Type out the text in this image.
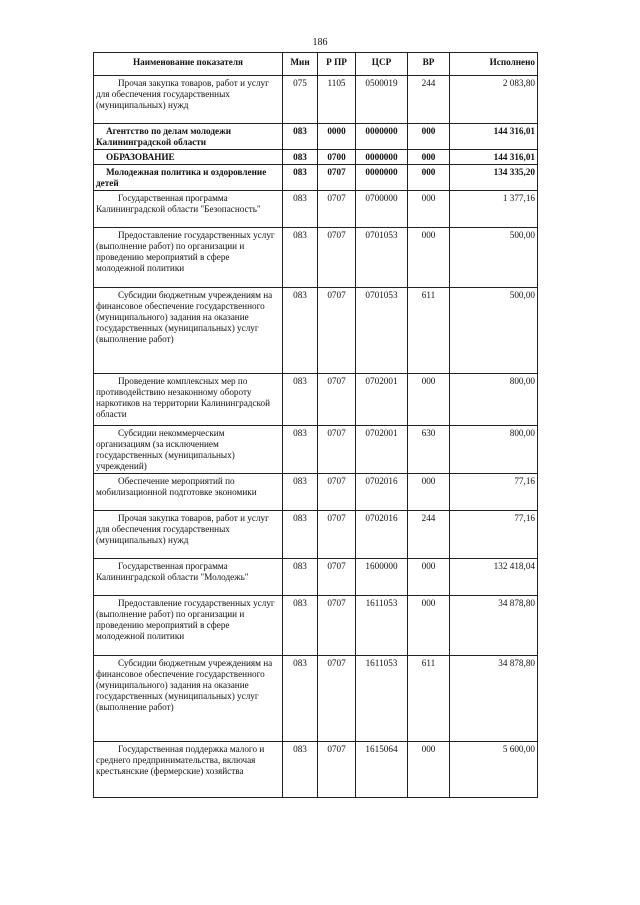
186
Наименование показателя	Мин	Р ПР	ЦСР	ВР	Исполнено
Прочая закупка товаров, работ и услуг для обеспечения государственных (муниципальных) нужд	075	1105	0500019	244	2 083,80
Агентство по делам молодежи Калининградской области	083	0000	0000000	000	144 316,01
ОБРАЗОВАНИЕ	083	0700	0000000	000	144 316,01
Молодежная политика и оздоровление детей	083	0707	0000000	000	134 335,20
Государственная программа Калининградской области "Безопасность"	083	0707	0700000	000	1 377,16
Предоставление государственных услуг (выполнение работ) по организации и проведению мероприятий в сфере молодежной политики	083	0707	0701053	000	500,00
Субсидии бюджетным учреждениям на финансовое обеспечение государственного (муниципального) задания на оказание государственных (муниципальных) услуг (выполнение работ)	083	0707	0701053	611	500,00
Проведение комплексных мер по противодействию незаконному обороту наркотиков на территории Калининградской области	083	0707	0702001	000	800,00
Субсидии некоммерческим организациям (за исключением государственных (муниципальных) учреждений)	083	0707	0702001	630	800,00
Обеспечение мероприятий по мобилизационной подготовке экономики	083	0707	0702016	000	77,16
Прочая закупка товаров, работ и услуг для обеспечения государственных (муниципальных) нужд	083	0707	0702016	244	77,16
Государственная программа Калининградской области "Молодежь"	083	0707	1600000	000	132 418,04
Предоставление государственных услуг (выполнение работ) по организации и проведению мероприятий в сфере молодежной политики	083	0707	1611053	000	34 878,80
Субсидии бюджетным учреждениям на финансовое обеспечение государственного (муниципального) задания на оказание государственных (муниципальных) услуг (выполнение работ)	083	0707	1611053	611	34 878,80
Государственная поддержка малого и среднего предпринимательства, включая крестьянские (фермерские) хозяйства	083	0707	1615064	000	5 600,00
